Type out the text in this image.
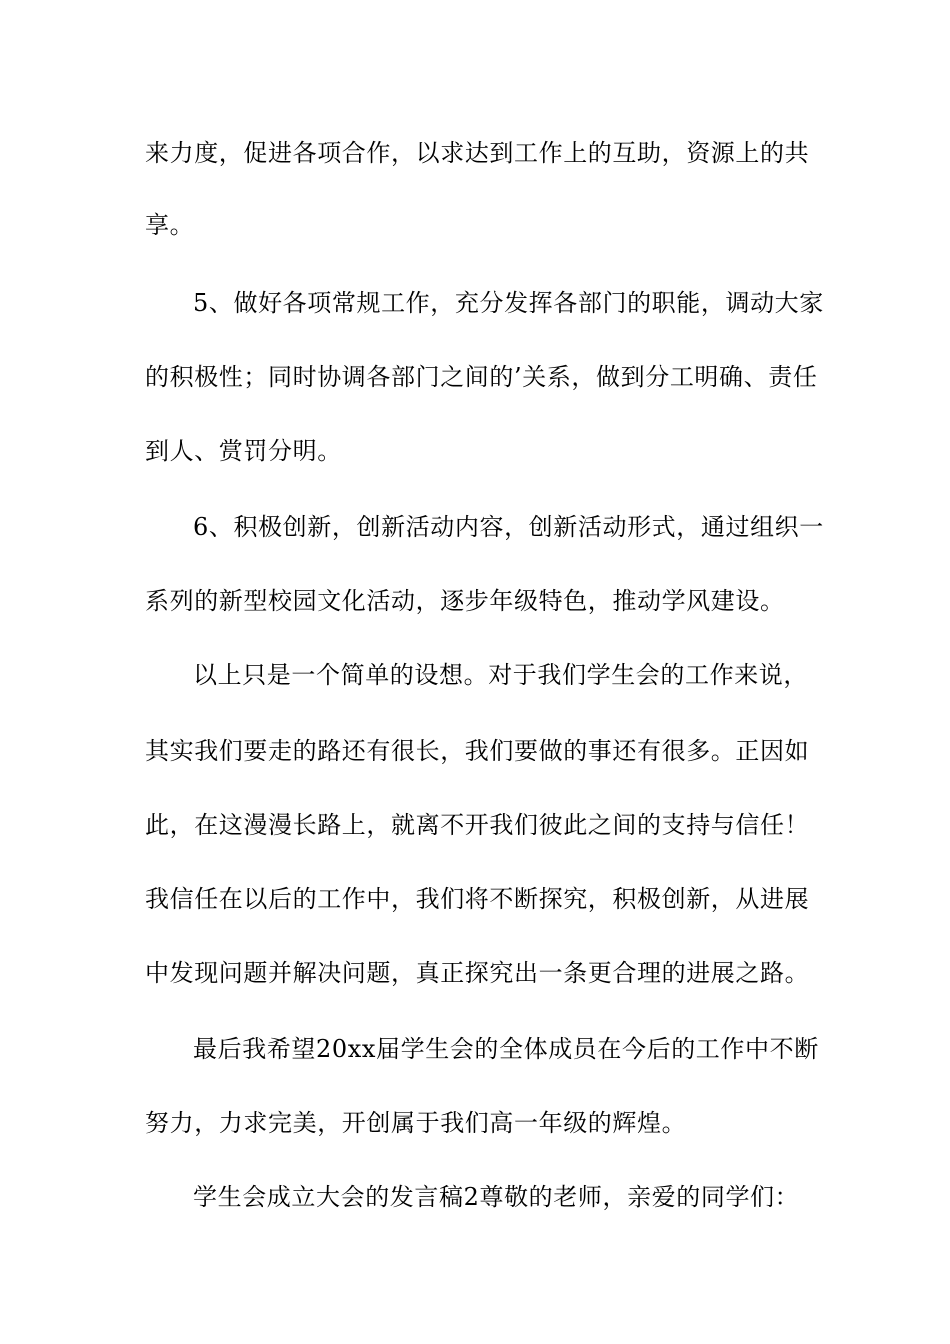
来力度，促进各项合作，以求达到工作上的互助，资源上的共
享。
5、做好各项常规工作，充分发挥各部门的职能，调动大家
的积极性；同时协调各部门之间的’关系，做到分工明确、责任
到人、赏罚分明。
6、积极创新，创新活动内容，创新活动形式，通过组织一
系列的新型校园文化活动，逐步年级特色，推动学风建设。
以上只是一个简单的设想。对于我们学生会的工作来说，
其实我们要走的路还有很长，我们要做的事还有很多。正因如
此，在这漫漫长路上，就离不开我们彼此之间的支持与信任！
我信任在以后的工作中，我们将不断探究，积极创新，从进展
中发现问题并解决问题，真正探究出一条更合理的进展之路。
最后我希望20xx届学生会的全体成员在今后的工作中不断
努力，力求完美，开创属于我们高一年级的辉煌。
学生会成立大会的发言稿2尊敬的老师，亲爱的同学们：
